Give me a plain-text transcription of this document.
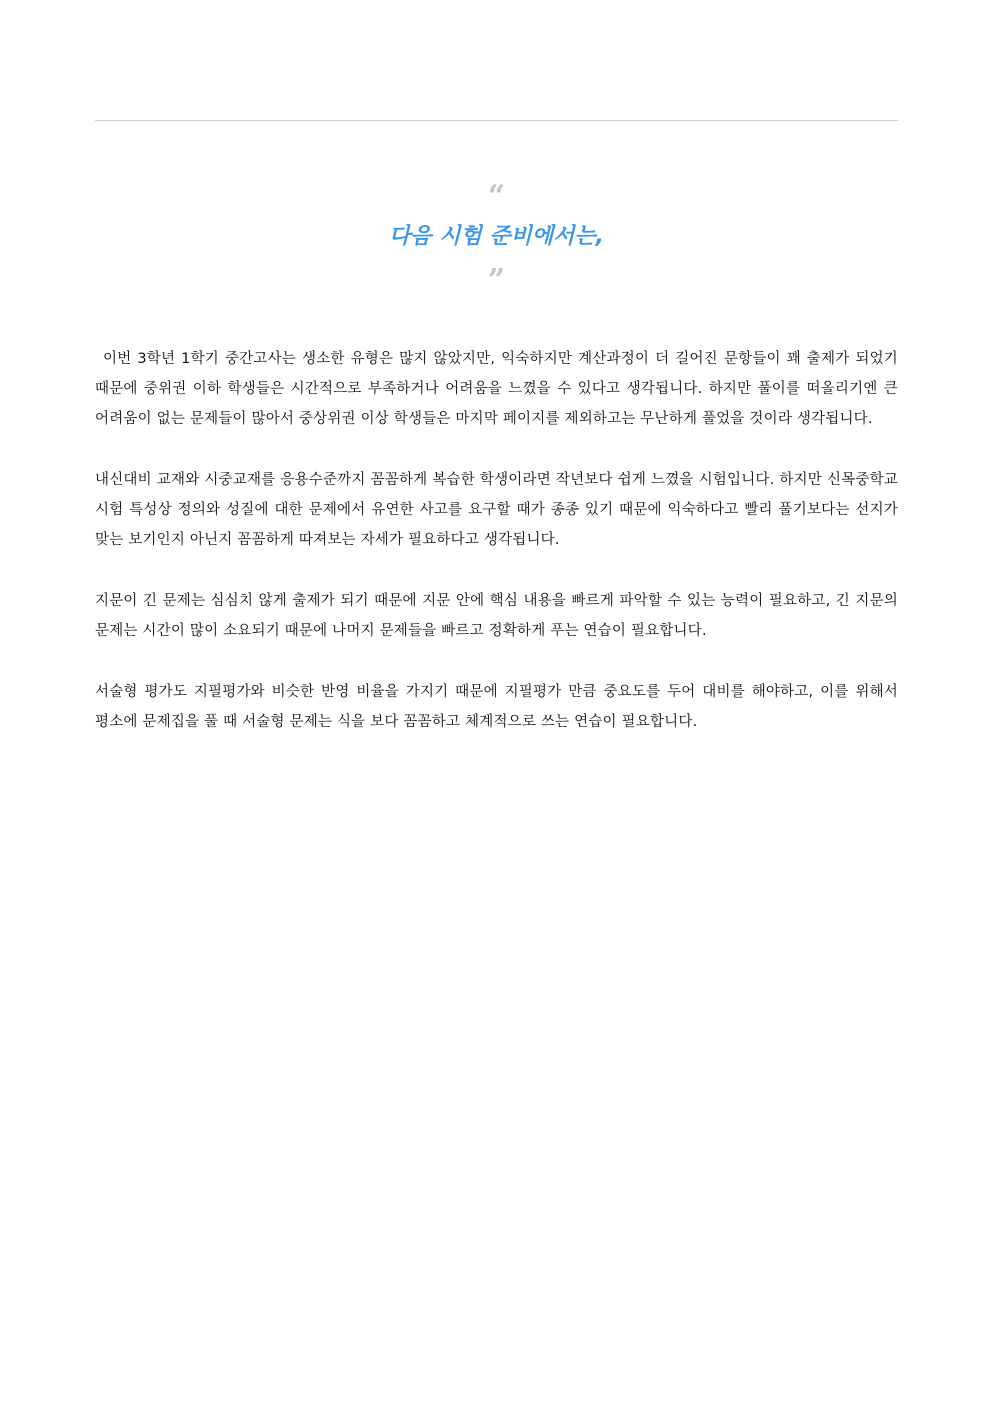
“
다음 시험 준비에서는,
”

이번 3학년 1학기 중간고사는 생소한 유형은 많지 않았지만, 익숙하지만 계산과정이 더 길어진 문항들이 꽤 출제가 되었기 때문에 중위권 이하 학생들은 시간적으로 부족하거나 어려움을 느꼈을 수 있다고 생각됩니다. 하지만 풀이를 떠올리기엔 큰 어려움이 없는 문제들이 많아서 중상위권 이상 학생들은 마지막 페이지를 제외하고는 무난하게 풀었을 것이라 생각됩니다.

내신대비 교재와 시중교재를 응용수준까지 꼼꼼하게 복습한 학생이라면 작년보다 쉽게 느꼈을 시험입니다. 하지만 신목중학교 시험 특성상 정의와 성질에 대한 문제에서 유연한 사고를 요구할 때가 종종 있기 때문에 익숙하다고 빨리 풀기보다는 선지가 맞는 보기인지 아닌지 꼼꼼하게 따져보는 자세가 필요하다고 생각됩니다.

지문이 긴 문제는 심심치 않게 출제가 되기 때문에 지문 안에 핵심 내용을 빠르게 파악할 수 있는 능력이 필요하고, 긴 지문의 문제는 시간이 많이 소요되기 때문에 나머지 문제들을 빠르고 정확하게 푸는 연습이 필요합니다.

서술형 평가도 지필평가와 비슷한 반영 비율을 가지기 때문에 지필평가 만큼 중요도를 두어 대비를 해야하고, 이를 위해서 평소에 문제집을 풀 때 서술형 문제는 식을 보다 꼼꼼하고 체계적으로 쓰는 연습이 필요합니다.
